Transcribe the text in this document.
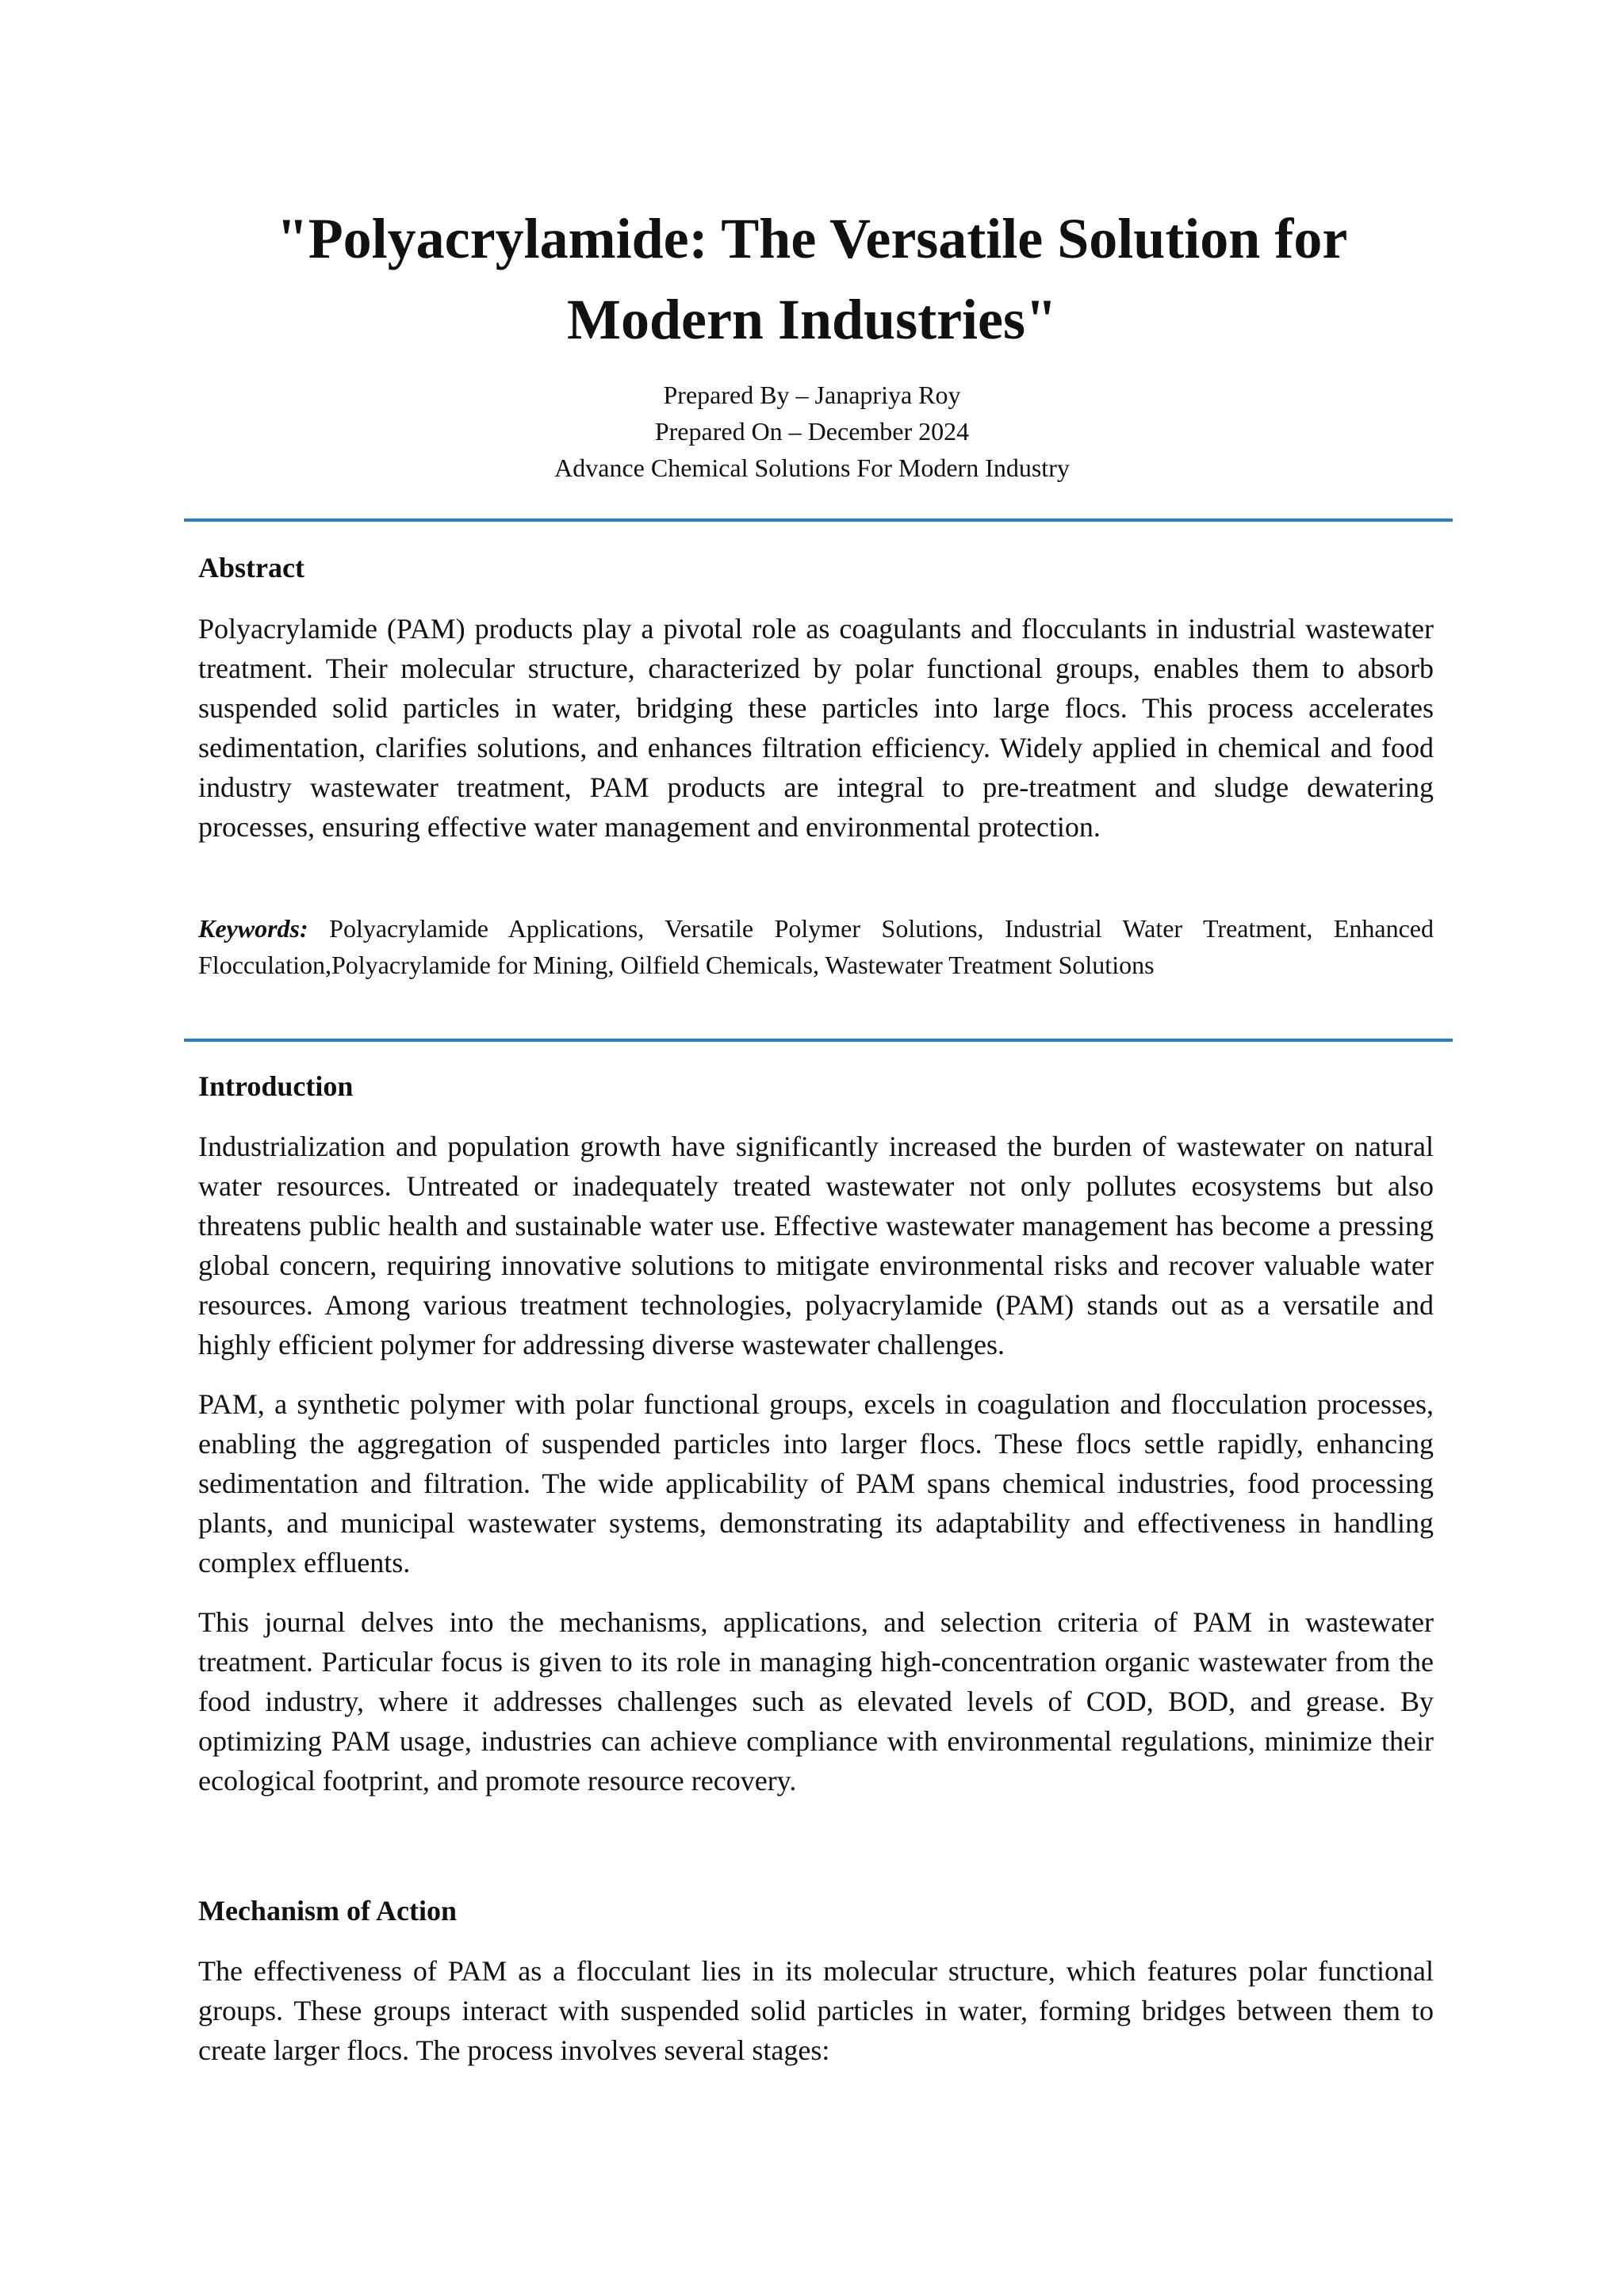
"Polyacrylamide: The Versatile Solution for Modern Industries"
Prepared By – Janapriya Roy
Prepared On – December 2024
Advance Chemical Solutions For Modern Industry
Abstract

Polyacrylamide (PAM) products play a pivotal role as coagulants and flocculants in industrial wastewater treatment. Their molecular structure, characterized by polar functional groups, enables them to absorb suspended solid particles in water, bridging these particles into large flocs. This process accelerates sedimentation, clarifies solutions, and enhances filtration efficiency. Widely applied in chemical and food industry wastewater treatment, PAM products are integral to pre-treatment and sludge dewatering processes, ensuring effective water management and environmental protection.

Keywords: Polyacrylamide Applications, Versatile Polymer Solutions, Industrial Water Treatment, Enhanced Flocculation,Polyacrylamide for Mining, Oilfield Chemicals, Wastewater Treatment Solutions

Introduction

Industrialization and population growth have significantly increased the burden of wastewater on natural water resources. Untreated or inadequately treated wastewater not only pollutes ecosystems but also threatens public health and sustainable water use. Effective wastewater management has become a pressing global concern, requiring innovative solutions to mitigate environmental risks and recover valuable water resources. Among various treatment technologies, polyacrylamide (PAM) stands out as a versatile and highly efficient polymer for addressing diverse wastewater challenges.

PAM, a synthetic polymer with polar functional groups, excels in coagulation and flocculation processes, enabling the aggregation of suspended particles into larger flocs. These flocs settle rapidly, enhancing sedimentation and filtration. The wide applicability of PAM spans chemical industries, food processing plants, and municipal wastewater systems, demonstrating its adaptability and effectiveness in handling complex effluents.

This journal delves into the mechanisms, applications, and selection criteria of PAM in wastewater treatment. Particular focus is given to its role in managing high-concentration organic wastewater from the food industry, where it addresses challenges such as elevated levels of COD, BOD, and grease. By optimizing PAM usage, industries can achieve compliance with environmental regulations, minimize their ecological footprint, and promote resource recovery.

Mechanism of Action

The effectiveness of PAM as a flocculant lies in its molecular structure, which features polar functional groups. These groups interact with suspended solid particles in water, forming bridges between them to create larger flocs. The process involves several stages:
